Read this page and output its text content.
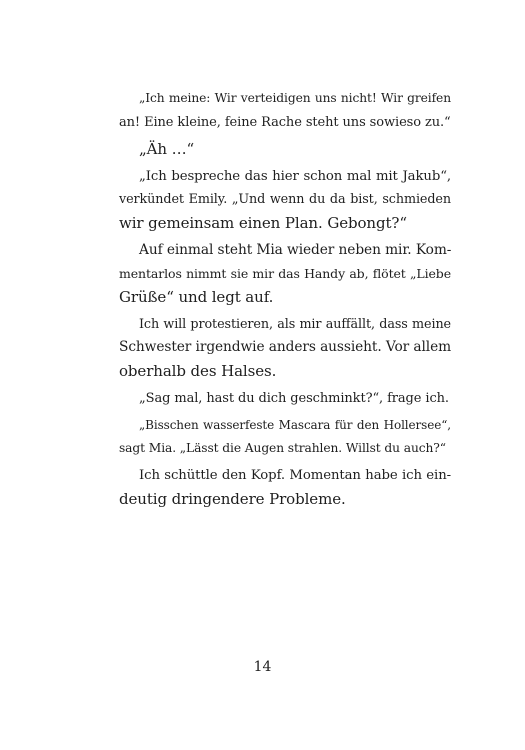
„Ich meine: Wir verteidigen uns nicht! Wir greifen
an! Eine kleine, feine Rache steht uns sowieso zu.“
„Äh …“
„Ich bespreche das hier schon mal mit Jakub“,
verkündet Emily. „Und wenn du da bist, schmieden
wir gemeinsam einen Plan. Gebongt?“
Auf einmal steht Mia wieder neben mir. Kom-
mentarlos nimmt sie mir das Handy ab, flötet „Liebe
Grüße“ und legt auf.
Ich will protestieren, als mir auffällt, dass meine
Schwester irgendwie anders aussieht. Vor allem
oberhalb des Halses.
„Sag mal, hast du dich geschminkt?“, frage ich.
„Bisschen wasserfeste Mascara für den Hollersee“,
sagt Mia. „Lässt die Augen strahlen. Willst du auch?“
Ich schüttle den Kopf. Momentan habe ich ein-
deutig dringendere Probleme.
14
